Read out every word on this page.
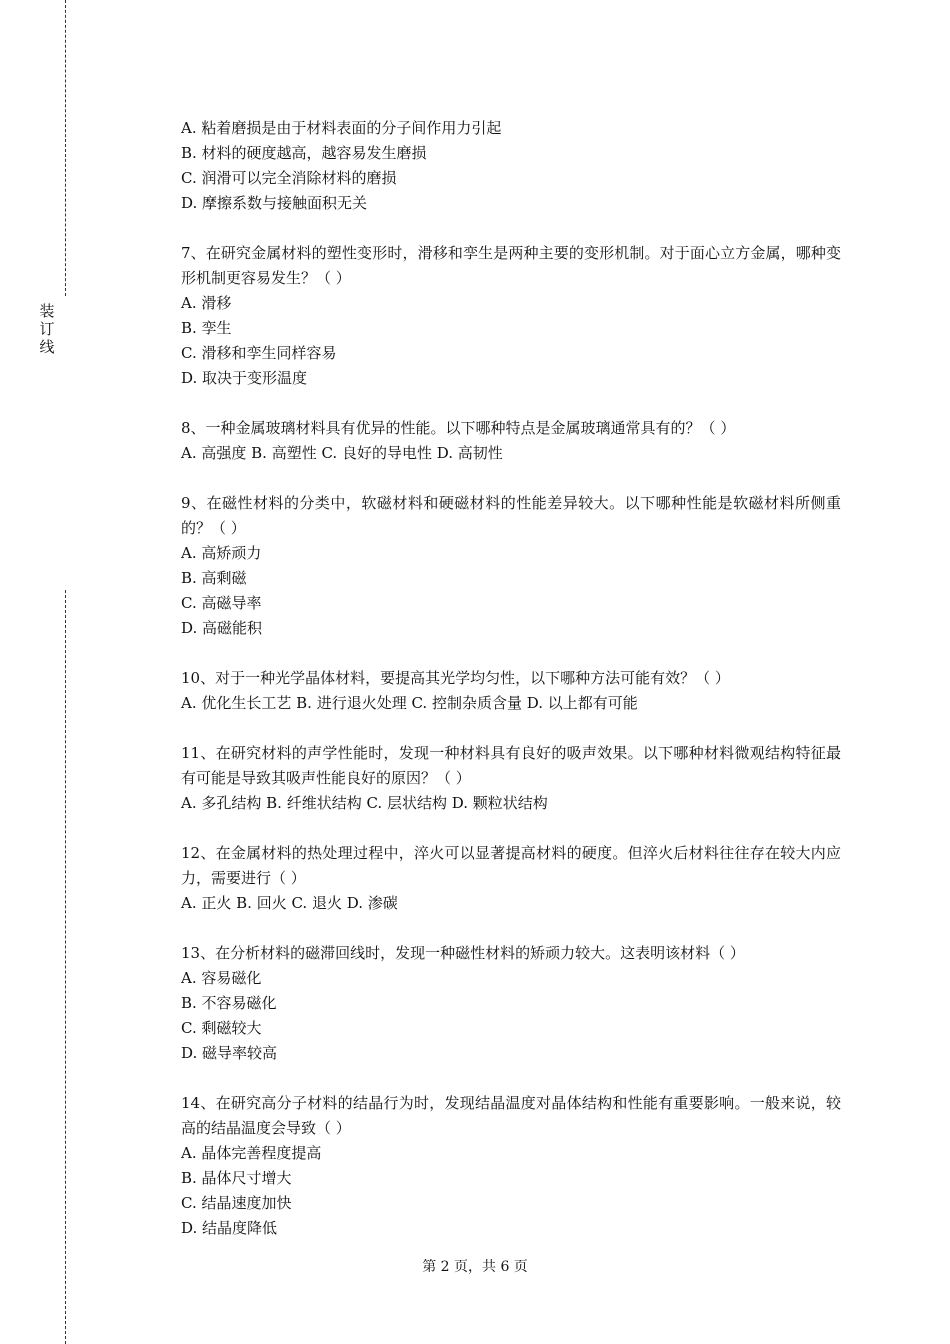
装
订
线
A. 粘着磨损是由于材料表面的分子间作用力引起
B. 材料的硬度越高，越容易发生磨损
C. 润滑可以完全消除材料的磨损
D. 摩擦系数与接触面积无关
7、在研究金属材料的塑性变形时，滑移和孪生是两种主要的变形机制。对于面心立方金属，哪种变形机制更容易发生？（ ）
A. 滑移
B. 孪生
C. 滑移和孪生同样容易
D. 取决于变形温度
8、一种金属玻璃材料具有优异的性能。以下哪种特点是金属玻璃通常具有的？（ ）
A. 高强度 B. 高塑性 C. 良好的导电性 D. 高韧性
9、在磁性材料的分类中，软磁材料和硬磁材料的性能差异较大。以下哪种性能是软磁材料所侧重的？（ ）
A. 高矫顽力
B. 高剩磁
C. 高磁导率
D. 高磁能积
10、对于一种光学晶体材料，要提高其光学均匀性，以下哪种方法可能有效？（ ）
A. 优化生长工艺 B. 进行退火处理 C. 控制杂质含量 D. 以上都有可能
11、在研究材料的声学性能时，发现一种材料具有良好的吸声效果。以下哪种材料微观结构特征最有可能是导致其吸声性能良好的原因？（ ）
A. 多孔结构 B. 纤维状结构 C. 层状结构 D. 颗粒状结构
12、在金属材料的热处理过程中，淬火可以显著提高材料的硬度。但淬火后材料往往存在较大内应力，需要进行（ ）
A. 正火 B. 回火 C. 退火 D. 渗碳
13、在分析材料的磁滞回线时，发现一种磁性材料的矫顽力较大。这表明该材料（ ）
A. 容易磁化
B. 不容易磁化
C. 剩磁较大
D. 磁导率较高
14、在研究高分子材料的结晶行为时，发现结晶温度对晶体结构和性能有重要影响。一般来说，较高的结晶温度会导致（ ）
A. 晶体完善程度提高
B. 晶体尺寸增大
C. 结晶速度加快
D. 结晶度降低
第 2 页，共 6 页
